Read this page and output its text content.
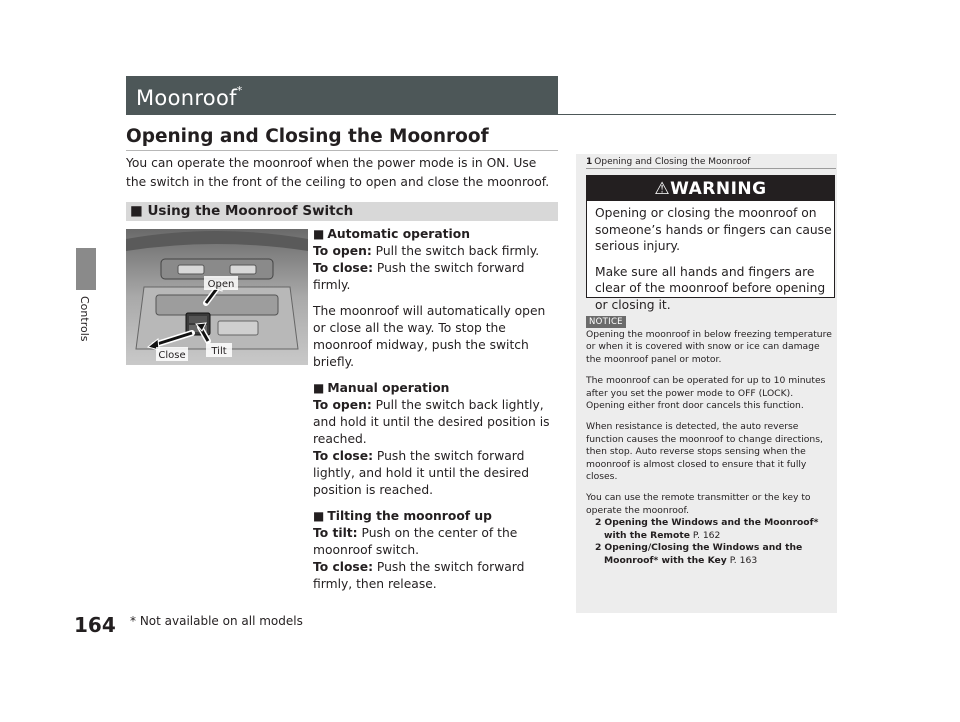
Controls
Moonroof*
Opening and Closing the Moonroof
You can operate the moonroof when the power mode is in ON. Use the switch in the front of the ceiling to open and close the moonroof.
■ Using the Moonroof Switch
Open
Tilt
Close

■ Automatic operation

To open: Pull the switch back firmly.

To close: Push the switch forward firmly.

The moonroof will automatically open or close all the way. To stop the moonroof midway, push the switch briefly.

■ Manual operation

To open: Pull the switch back lightly, and hold it until the desired position is reached.

To close: Push the switch forward lightly, and hold it until the desired position is reached.

■ Tilting the moonroof up

To tilt: Push on the center of the moonroof switch.

To close: Push the switch forward firmly, then release.

1 Opening and Closing the Moonroof
⚠WARNING

Opening or closing the moonroof on someone’s hands or fingers can cause serious injury.

Make sure all hands and fingers are clear of the moonroof before opening or closing it.

NOTICE

Opening the moonroof in below freezing temperature or when it is covered with snow or ice can damage the moonroof panel or motor.

The moonroof can be operated for up to 10 minutes after you set the power mode to OFF (LOCK). Opening either front door cancels this function.

When resistance is detected, the auto reverse function causes the moonroof to change directions, then stop. Auto reverse stops sensing when the moonroof is almost closed to ensure that it fully closes.

You can use the remote transmitter or the key to operate the moonroof.

2 Opening the Windows and the Moonroof* with the Remote P. 162

2 Opening/Closing the Windows and the Moonroof* with the Key P. 163

164 * Not available on all models
